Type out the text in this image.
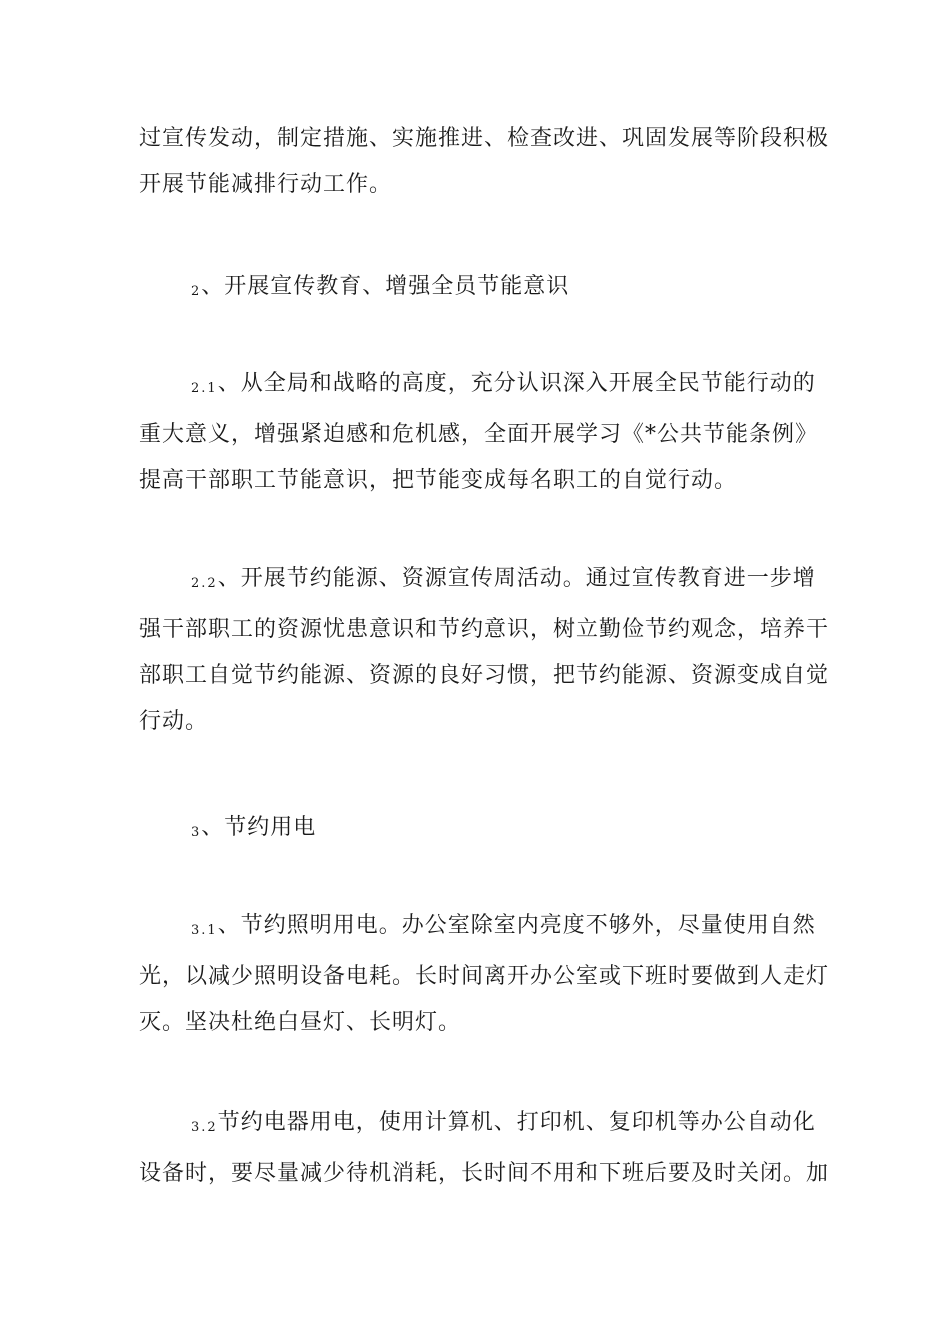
过宣传发动，制定措施、实施推进、检查改进、巩固发展等阶段积极
开展节能减排行动工作。
2、开展宣传教育、增强全员节能意识
2.1、从全局和战略的高度，充分认识深入开展全民节能行动的
重大意义，增强紧迫感和危机感，全面开展学习《*公共节能条例》
提高干部职工节能意识，把节能变成每名职工的自觉行动。
2.2、开展节约能源、资源宣传周活动。通过宣传教育进一步增
强干部职工的资源忧患意识和节约意识，树立勤俭节约观念，培养干
部职工自觉节约能源、资源的良好习惯，把节约能源、资源变成自觉
行动。
3、节约用电
3.1、节约照明用电。办公室除室内亮度不够外，尽量使用自然
光，以减少照明设备电耗。长时间离开办公室或下班时要做到人走灯
灭。坚决杜绝白昼灯、长明灯。
3.2节约电器用电，使用计算机、打印机、复印机等办公自动化
设备时，要尽量减少待机消耗，长时间不用和下班后要及时关闭。加
